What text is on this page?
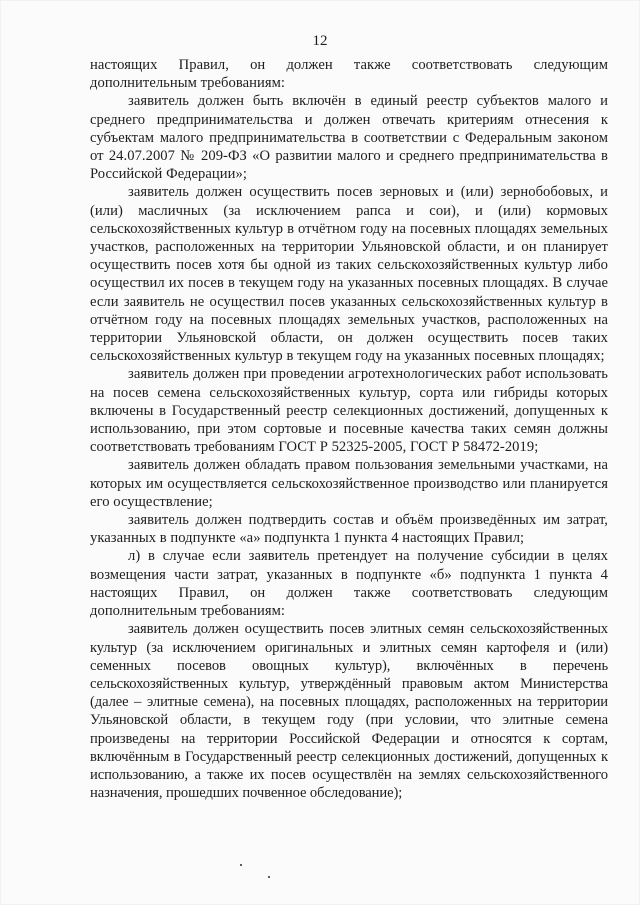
12

настоящих Правил, он должен также соответствовать следующим дополнительным требованиям:

заявитель должен быть включён в единый реестр субъектов малого и среднего предпринимательства и должен отвечать критериям отнесения к субъектам малого предпринимательства в соответствии с Федеральным законом от 24.07.2007 № 209-ФЗ «О развитии малого и среднего предпринимательства в Российской Федерации»;

заявитель должен осуществить посев зерновых и (или) зернобобовых, и (или) масличных (за исключением рапса и сои), и (или) кормовых сельскохозяйственных культур в отчётном году на посевных площадях земельных участков, расположенных на территории Ульяновской области, и он планирует осуществить посев хотя бы одной из таких сельскохозяйственных культур либо осуществил их посев в текущем году на указанных посевных площадях. В случае если заявитель не осуществил посев указанных сельскохозяйственных культур в отчётном году на посевных площадях земельных участков, расположенных на территории Ульяновской области, он должен осуществить посев таких сельскохозяйственных культур в текущем году на указанных посевных площадях;

заявитель должен при проведении агротехнологических работ использовать на посев семена сельскохозяйственных культур, сорта или гибриды которых включены в Государственный реестр селекционных достижений, допущенных к использованию, при этом сортовые и посевные качества таких семян должны соответствовать требованиям ГОСТ Р 52325-2005, ГОСТ Р 58472-2019;

заявитель должен обладать правом пользования земельными участками, на которых им осуществляется сельскохозяйственное производство или планируется его осуществление;

заявитель должен подтвердить состав и объём произведённых им затрат, указанных в подпункте «а» подпункта 1 пункта 4 настоящих Правил;

л) в случае если заявитель претендует на получение субсидии в целях возмещения части затрат, указанных в подпункте «б» подпункта 1 пункта 4 настоящих Правил, он должен также соответствовать следующим дополнительным требованиям:

заявитель должен осуществить посев элитных семян сельскохозяйственных культур (за исключением оригинальных и элитных семян картофеля и (или) семенных посевов овощных культур), включённых в перечень сельскохозяйственных культур, утверждённый правовым актом Министерства (далее – элитные семена), на посевных площадях, расположенных на территории Ульяновской области, в текущем году (при условии, что элитные семена произведены на территории Российской Федерации и относятся к сортам, включённым в Государственный реестр селекционных достижений, допущенных к использованию, а также их посев осуществлён на землях сельскохозяйственного назначения, прошедших почвенное обследование);
